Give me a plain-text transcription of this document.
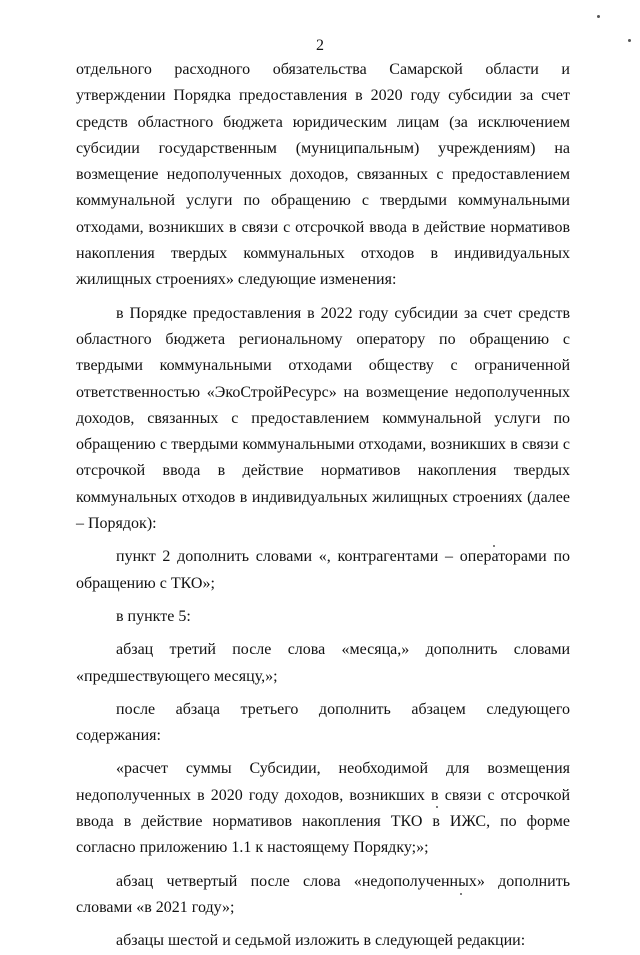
2

отдельного расходного обязательства Самарской области и утверждении Порядка предоставления в 2020 году субсидии за счет средств областного бюджета юридическим лицам (за исключением субсидии государственным (муниципальным) учреждениям) на возмещение недополученных доходов, связанных с предоставлением коммунальной услуги по обращению с твердыми коммунальными отходами, возникших в связи с отсрочкой ввода в действие нормативов накопления твердых коммунальных отходов в индивидуальных жилищных строениях» следующие изменения:

в Порядке предоставления в 2022 году субсидии за счет средств областного бюджета региональному оператору по обращению с твердыми коммунальными отходами обществу с ограниченной ответственностью «ЭкоСтройРесурс» на возмещение недополученных доходов, связанных с предоставлением коммунальной услуги по обращению с твердыми коммунальными отходами, возникших в связи с отсрочкой ввода в действие нормативов накопления твердых коммунальных отходов в индивидуальных жилищных строениях (далее – Порядок):

пункт 2 дополнить словами «, контрагентами – операторами по обращению с ТКО»;

в пункте 5:

абзац третий после слова «месяца,» дополнить словами «предшествующего месяцу,»;

после абзаца третьего дополнить абзацем следующего содержания:

«расчет суммы Субсидии, необходимой для возмещения недополученных в 2020 году доходов, возникших в связи с отсрочкой ввода в действие нормативов накопления ТКО в ИЖС, по форме согласно приложению 1.1 к настоящему Порядку;»;

абзац четвертый после слова «недополученных» дополнить словами «в 2021 году»;

абзацы шестой и седьмой изложить в следующей редакции:
